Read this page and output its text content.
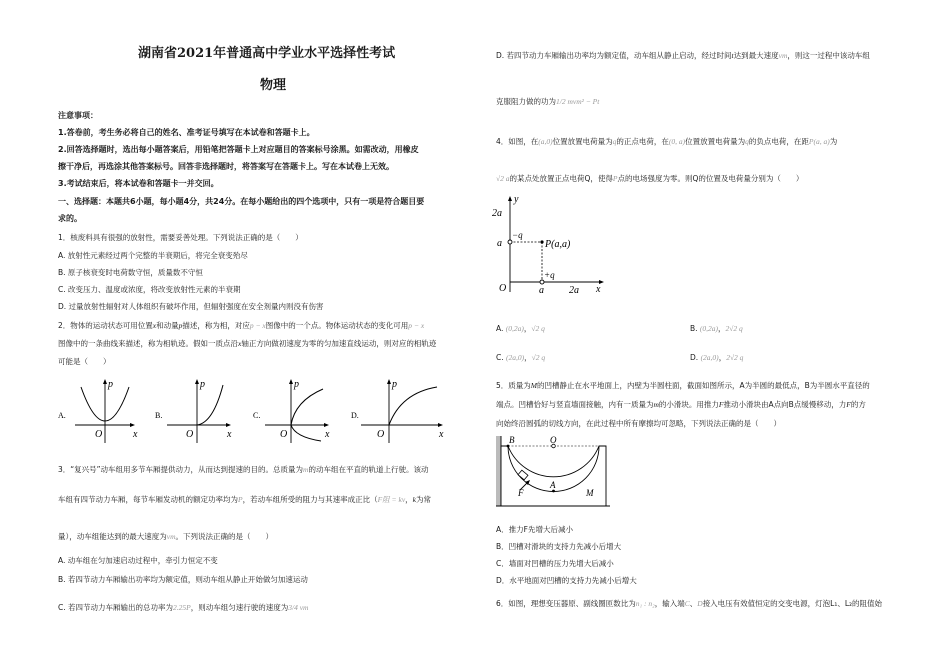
湖南省2021年普通高中学业水平选择性考试
物理
注意事项：
1.答卷前，考生务必将自己的姓名、准考证号填写在本试卷和答题卡上。
2.回答选择题时，选出每小题答案后，用铅笔把答题卡上对应题目的答案标号涂黑。如需改动，用橡皮
擦干净后，再选涂其他答案标号。回答非选择题时，将答案写在答题卡上。写在本试卷上无效。
3.考试结束后，将本试卷和答题卡一并交回。
一、选择题：本题共6小题，每小题4分，共24分。在每小题给出的四个选项中，只有一项是符合题目要
求的。
1．核废料具有很强的放射性，需要妥善处理。下列说法正确的是（　　）
A. 放射性元素经过两个完整的半衰期后，将完全衰变殆尽
B. 原子核衰变时电荷数守恒，质量数不守恒
C. 改变压力、温度或浓度，将改变放射性元素的半衰期
D. 过量放射性辐射对人体组织有破坏作用，但辐射强度在安全剂量内则没有伤害
2．物体的运动状态可用位置x和动量p描述，称为相，对应p − x图像中的一个点。物体运动状态的变化可用p − x
图像中的一条曲线来描述，称为相轨迹。假如一质点沿x轴正方向做初速度为零的匀加速直线运动，则对应的相轨迹
可能是（　　）
A.
p
x
O
B.
p
x
O
C.
p
x
O
D.
p
x
O
3．“复兴号”动车组用多节车厢提供动力，从而达到提速的目的。总质量为m的动车组在平直的轨道上行驶。该动
车组有四节动力车厢，每节车厢发动机的额定功率均为P，若动车组所受的阻力与其速率成正比（F阻 = kv，k为常
量），动车组能达到的最大速度为vm。下列说法正确的是（　　）
A. 动车组在匀加速启动过程中，牵引力恒定不变
B. 若四节动力车厢输出功率均为额定值，则动车组从静止开始做匀加速运动
C. 若四节动力车厢输出的总功率为2.25P，则动车组匀速行驶的速度为3/4 vm
D. 若四节动力车厢输出功率均为额定值，动车组从静止启动，经过时间t达到最大速度vm，则这一过程中该动车组
克服阻力做的功为1/2 mvm² − Pt
4．如图，在(a,0)位置放置电荷量为q的正点电荷，在(0, a)位置放置电荷量为q的负点电荷，在距P(a, a)为
√2 a的某点处放置正点电荷Q，使得P点的电场强度为零。则Q的位置及电荷量分别为（　　）
y
x
2a
a
O	a	2a
−q
+q
P(a,a)
A. (0,2a)，√2 q	B. (0,2a)，2√2 q
C. (2a,0)，√2 q	D. (2a,0)，2√2 q
5．质量为M的凹槽静止在水平地面上，内壁为半圆柱面，截面如图所示，A为半圆的最低点，B为半圆水平直径的
端点。凹槽恰好与竖直墙面接触，内有一质量为m的小滑块。用推力F推动小滑块由A点向B点缓慢移动，力F的方
向始终沿圆弧的切线方向，在此过程中所有摩擦均可忽略，下列说法正确的是（　　）
B	O
F
A
M
A．推力F先增大后减小
B．凹槽对滑块的支持力先减小后增大
C．墙面对凹槽的压力先增大后减小
D．水平地面对凹槽的支持力先减小后增大
6．如图，理想变压器原、副线圈匝数比为n₁ : n₂，输入端C、D接入电压有效值恒定的交变电源，灯泡L₁、L₂的阻值始
